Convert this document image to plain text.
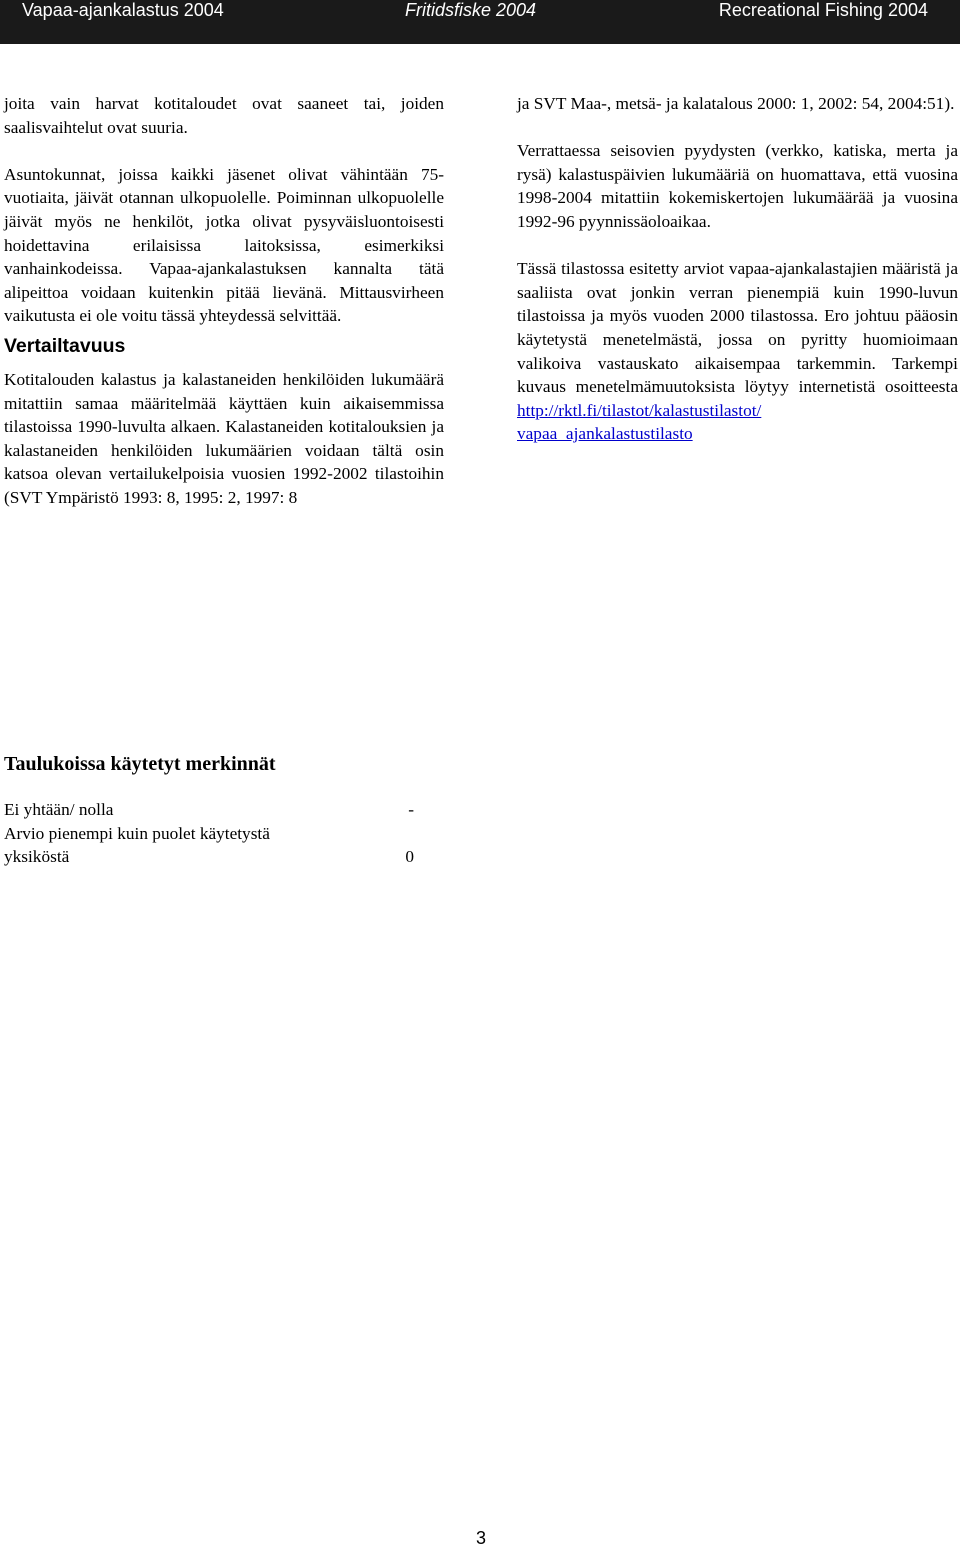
Vapaa-ajankalastus 2004	Fritidsfiske 2004	Recreational Fishing 2004

joita vain harvat kotitaloudet ovat saaneet tai, joiden saalisvaihtelut ovat suuria.

Asuntokunnat, joissa kaikki jäsenet olivat vähintään 75-vuotiaita, jäivät otannan ulkopuolelle. Poiminnan ulkopuolelle jäivät myös ne henkilöt, jotka olivat pysyväisluontoisesti hoidettavina erilaisissa laitoksissa, esimerkiksi vanhainkodeissa. Vapaa-ajankalastuksen kannalta tätä alipeittoa voidaan kuitenkin pitää lievänä. Mittausvirheen vaikutusta ei ole voitu tässä yhteydessä selvittää.

Vertailtavuus

Kotitalouden kalastus ja kalastaneiden henkilöiden lukumäärä mitattiin samaa määritelmää käyttäen kuin aikaisemmissa tilastoissa 1990-luvulta alkaen. Kalastaneiden kotitalouksien ja kalastaneiden henkilöiden lukumäärien voidaan tältä osin katsoa olevan vertailukelpoisia vuosien 1992-2002 tilastoihin (SVT Ympäristö 1993: 8, 1995: 2, 1997: 8

ja SVT Maa-, metsä- ja kalatalous 2000: 1, 2002: 54, 2004:51).

Verrattaessa seisovien pyydysten (verkko, katiska, merta ja rysä) kalastuspäivien lukumääriä on huomattava, että vuosina 1998-2004 mitattiin kokemiskertojen lukumäärää ja vuosina 1992-96 pyynnissäoloaikaa.

Tässä tilastossa esitetty arviot vapaa-ajankalastajien määristä ja saaliista ovat jonkin verran pienempiä kuin 1990-luvun tilastoissa ja myös vuoden 2000 tilastossa. Ero johtuu pääosin käytetystä menetelmästä, jossa on pyritty huomioimaan valikoiva vastauskato aikaisempaa tarkemmin. Tarkempi kuvaus menetelmämuutoksista löytyy internetistä osoitteesta http://rktl.fi/tilastot/kalastustilastot/
vapaa_ajankalastustilasto

Taulukoissa käytetyt merkinnät
Ei yhtään/ nolla	-
Arvio pienempi kuin puolet käytetystä
yksiköstä	0
3
